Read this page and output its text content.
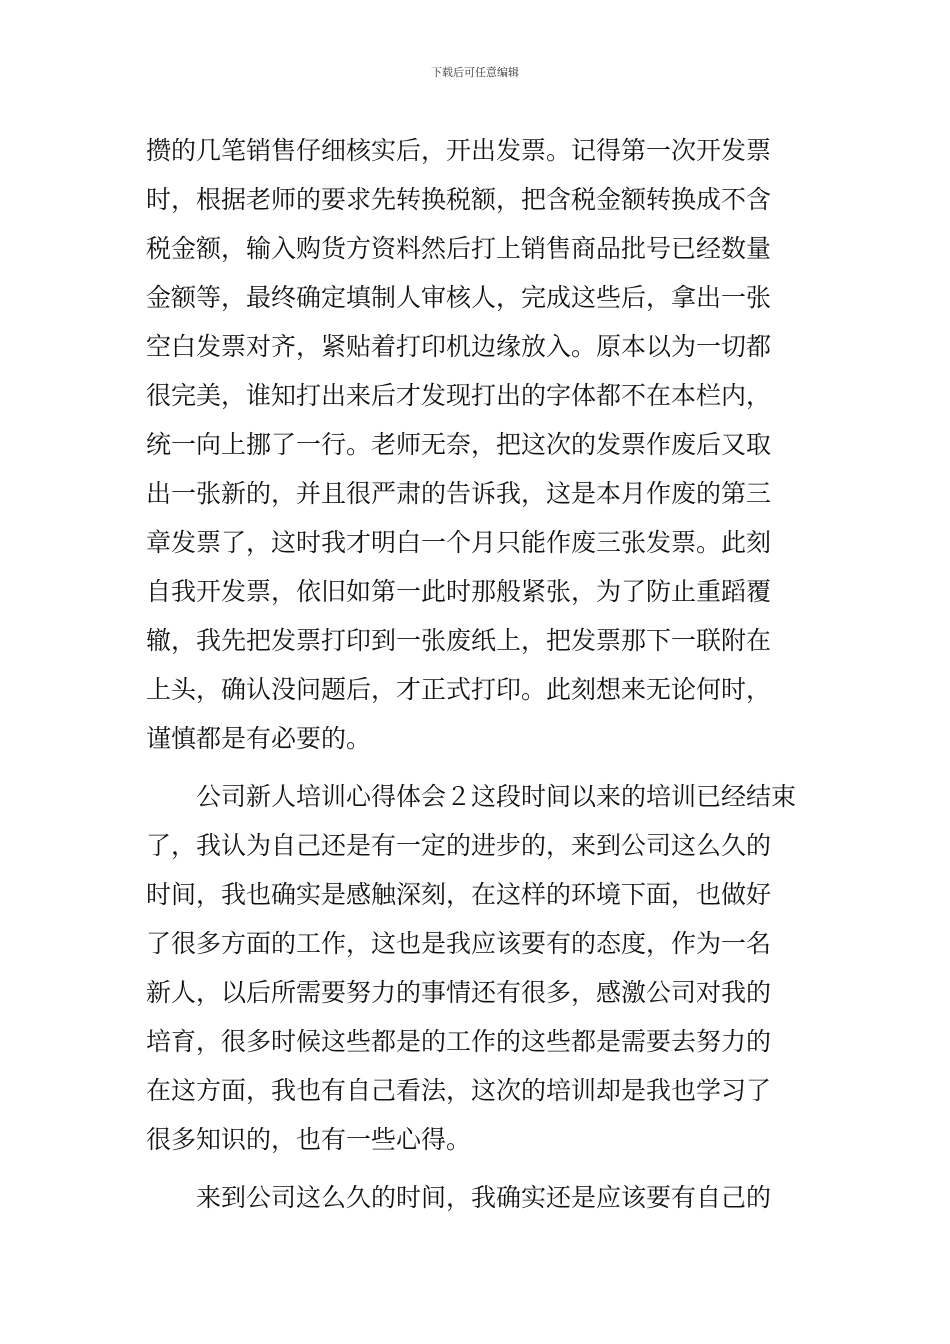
下载后可任意编辑
攒的几笔销售仔细核实后，开出发票。记得第一次开发票
时，根据老师的要求先转换税额，把含税金额转换成不含
税金额，输入购货方资料然后打上销售商品批号已经数量
金额等，最终确定填制人审核人，完成这些后，拿出一张
空白发票对齐，紧贴着打印机边缘放入。原本以为一切都
很完美，谁知打出来后才发现打出的字体都不在本栏内，
统一向上挪了一行。老师无奈，把这次的发票作废后又取
出一张新的，并且很严肃的告诉我，这是本月作废的第三
章发票了，这时我才明白一个月只能作废三张发票。此刻
自我开发票，依旧如第一此时那般紧张，为了防止重蹈覆
辙，我先把发票打印到一张废纸上，把发票那下一联附在
上头，确认没问题后，才正式打印。此刻想来无论何时，
谨慎都是有必要的。
公司新人培训心得体会２这段时间以来的培训已经结束
了，我认为自己还是有一定的进步的，来到公司这么久的
时间，我也确实是感触深刻，在这样的环境下面，也做好
了很多方面的工作，这也是我应该要有的态度，作为一名
新人，以后所需要努力的事情还有很多，感激公司对我的
培育，很多时候这些都是的工作的这些都是需要去努力的
在这方面，我也有自己看法，这次的培训却是我也学习了
很多知识的，也有一些心得。
来到公司这么久的时间，我确实还是应该要有自己的
